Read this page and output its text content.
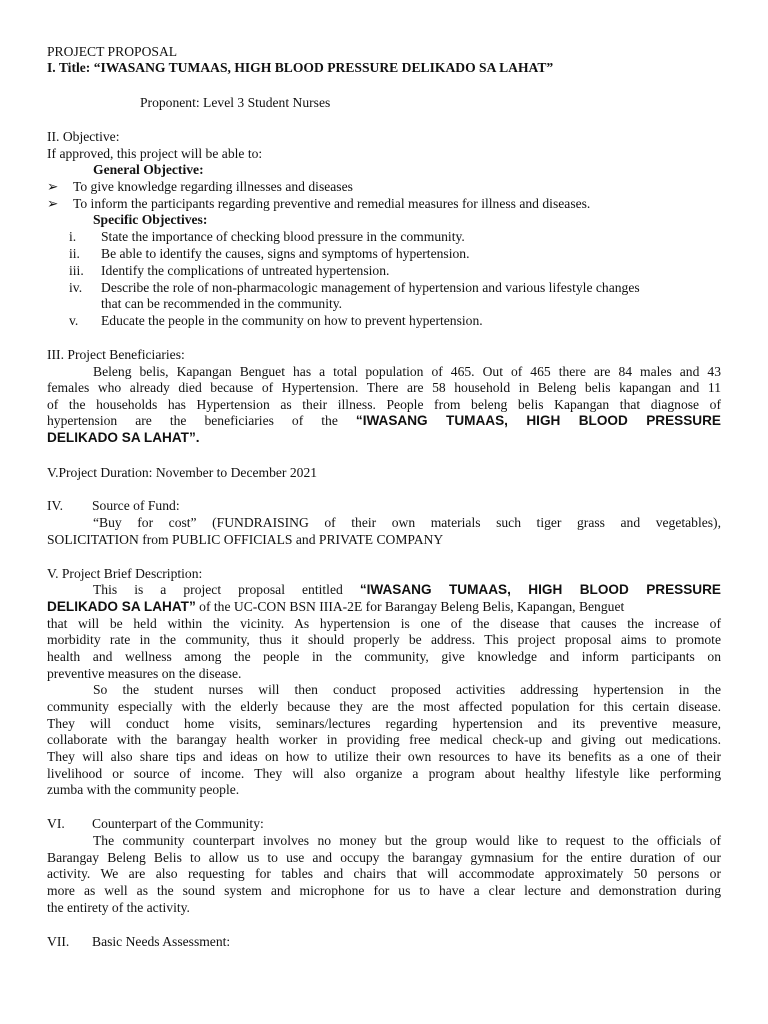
PROJECT PROPOSAL

I. Title: “IWASANG TUMAAS, HIGH BLOOD PRESSURE DELIKADO SA LAHAT”

Proponent: Level 3 Student Nurses

II. Objective:

If approved, this project will be able to:

General Objective:

➢ To give knowledge regarding illnesses and diseases

➢ To inform the participants regarding preventive and remedial measures for illness and diseases.

Specific Objectives:

i. State the importance of checking blood pressure in the community.

ii. Be able to identify the causes, signs and symptoms of hypertension.

iii. Identify the complications of untreated hypertension.

iv. Describe the role of non-pharmacologic management of hypertension and various lifestyle changes

that can be recommended in the community.

v. Educate the people in the community on how to prevent hypertension.

III. Project Beneficiaries:

Beleng belis, Kapangan Benguet has a total population of 465. Out of 465 there are 84 males and 43

females who already died because of Hypertension. There are 58 household in Beleng belis kapangan and 11

of the households has Hypertension as their illness. People from beleng belis Kapangan that diagnose of

hypertension are the beneficiaries of the “IWASANG TUMAAS, HIGH BLOOD PRESSURE

DELIKADO SA LAHAT”.

V.Project Duration: November to December 2021

IV. Source of Fund:

“Buy for cost” (FUNDRAISING of their own materials such tiger grass and vegetables),

SOLICITATION from PUBLIC OFFICIALS and PRIVATE COMPANY

V. Project Brief Description:

This is a project proposal entitled “IWASANG TUMAAS, HIGH BLOOD PRESSURE

DELIKADO SA LAHAT” of the UC-CON BSN IIIA-2E for Barangay Beleng Belis, Kapangan, Benguet

that will be held within the vicinity. As hypertension is one of the disease that causes the increase of

morbidity rate in the community, thus it should properly be address. This project proposal aims to promote

health and wellness among the people in the community, give knowledge and inform participants on

preventive measures on the disease.

So the student nurses will then conduct proposed activities addressing hypertension in the

community especially with the elderly because they are the most affected population for this certain disease.

They will conduct home visits, seminars/lectures regarding hypertension and its preventive measure,

collaborate with the barangay health worker in providing free medical check-up and giving out medications.

They will also share tips and ideas on how to utilize their own resources to have its benefits as a one of their

livelihood or source of income. They will also organize a program about healthy lifestyle like performing

zumba with the community people.

VI. Counterpart of the Community:

The community counterpart involves no money but the group would like to request to the officials of

Barangay Beleng Belis to allow us to use and occupy the barangay gymnasium for the entire duration of our

activity. We are also requesting for tables and chairs that will accommodate approximately 50 persons or

more as well as the sound system and microphone for us to have a clear lecture and demonstration during

the entirety of the activity.

VII. Basic Needs Assessment:
